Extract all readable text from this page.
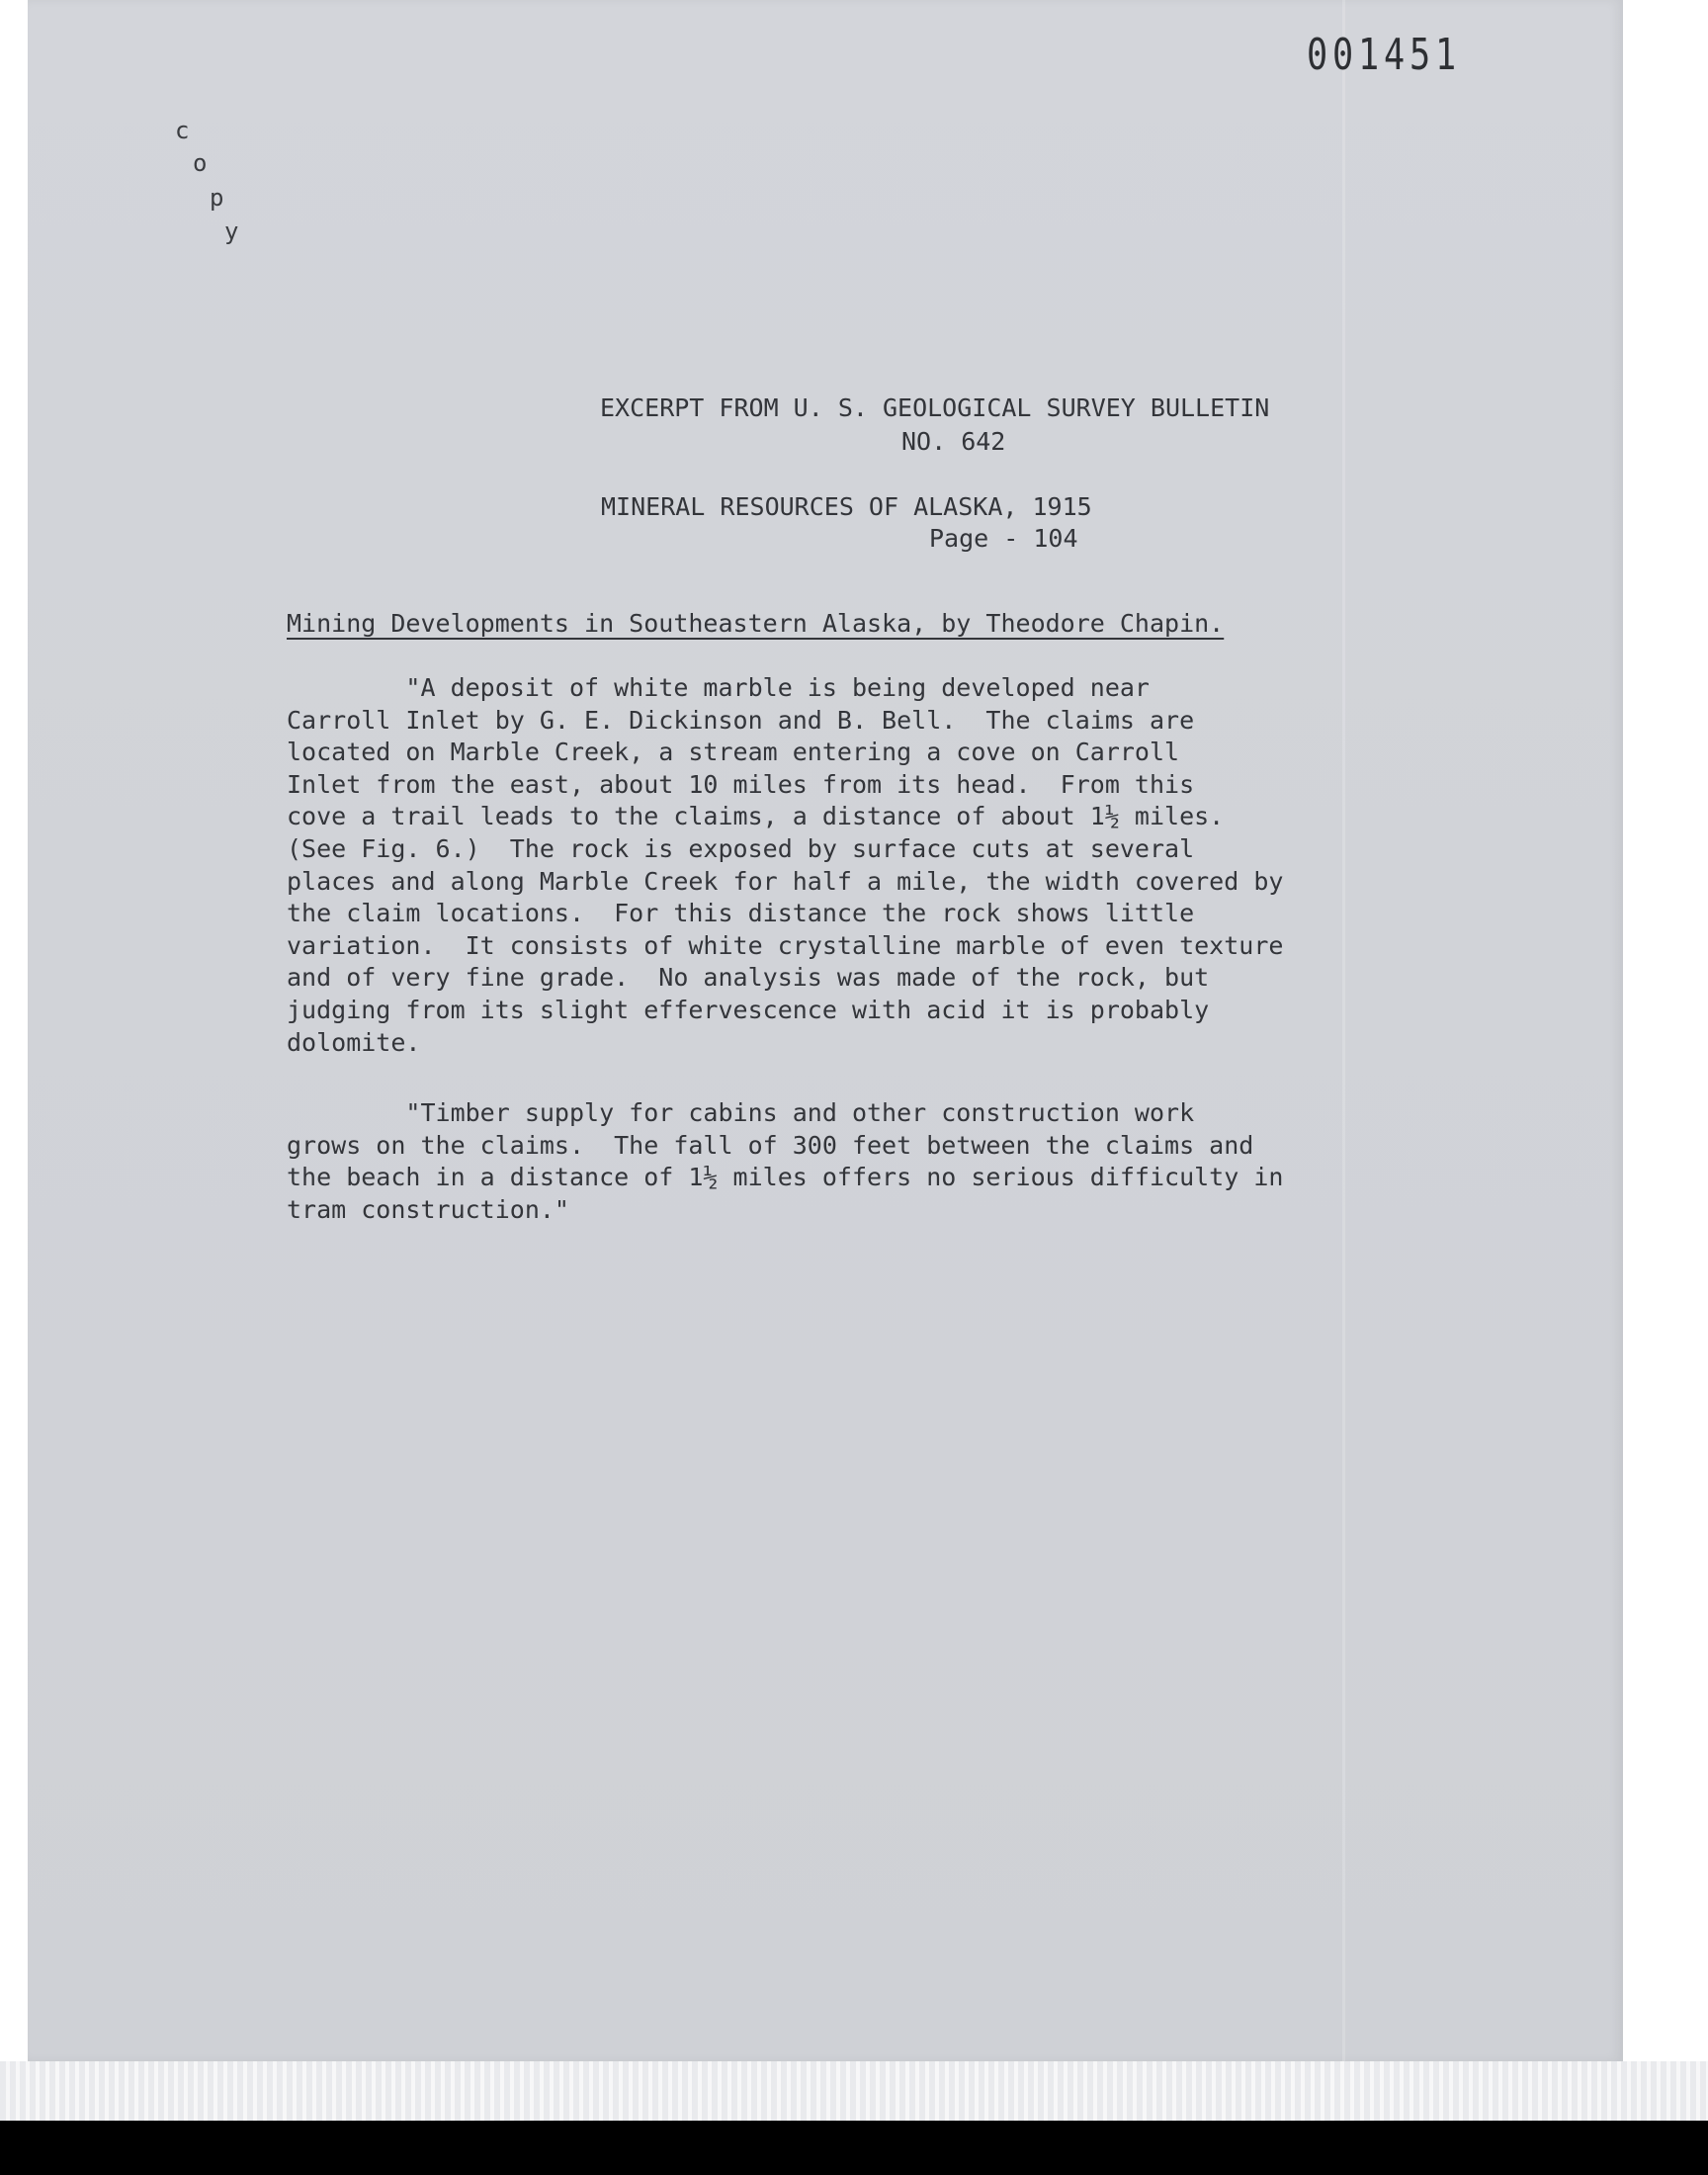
001451
c
o
p
y
EXCERPT FROM U. S. GEOLOGICAL SURVEY BULLETIN
NO. 642
MINERAL RESOURCES OF ALASKA, 1915
Page - 104
Mining Developments in Southeastern Alaska, by Theodore Chapin.

"A deposit of white marble is being developed near
Carroll Inlet by G. E. Dickinson and B. Bell.  The claims are
located on Marble Creek, a stream entering a cove on Carroll
Inlet from the east, about 10 miles from its head.  From this
cove a trail leads to the claims, a distance of about 1½ miles.
(See Fig. 6.)  The rock is exposed by surface cuts at several
places and along Marble Creek for half a mile, the width covered by
the claim locations.  For this distance the rock shows little
variation.  It consists of white crystalline marble of even texture
and of very fine grade.  No analysis was made of the rock, but
judging from its slight effervescence with acid it is probably
dolomite.

"Timber supply for cabins and other construction work
grows on the claims.  The fall of 300 feet between the claims and
the beach in a distance of 1½ miles offers no serious difficulty in
tram construction."
